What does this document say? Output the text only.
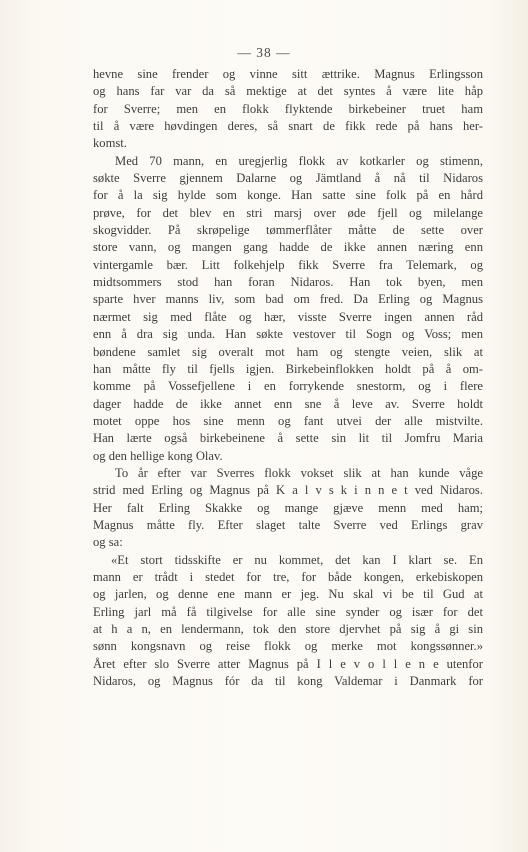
— 38 —
hevne sine frender og vinne sitt ættrike. Magnus Erlingsson
og hans far var da så mektige at det syntes å være lite håp
for Sverre; men en flokk flyktende birkebeiner truet ham
til å være høvdingen deres, så snart de fikk rede på hans her-
komst.
Med 70 mann, en uregjerlig flokk av kotkarler og stimenn,
søkte Sverre gjennem Dalarne og Jämtland å nå til Nidaros
for å la sig hylde som konge. Han satte sine folk på en hård
prøve, for det blev en stri marsj over øde fjell og milelange
skogvidder. På skrøpelige tømmerflåter måtte de sette over
store vann, og mangen gang hadde de ikke annen næring enn
vintergamle bær. Litt folkehjelp fikk Sverre fra Telemark, og
midtsommers stod han foran Nidaros. Han tok byen, men
sparte hver manns liv, som bad om fred. Da Erling og Magnus
nærmet sig med flåte og hær, visste Sverre ingen annen råd
enn å dra sig unda. Han søkte vestover til Sogn og Voss; men
bøndene samlet sig overalt mot ham og stengte veien, slik at
han måtte fly til fjells igjen. Birkebeinflokken holdt på å om-
komme på Vossefjellene i en forrykende snestorm, og i flere
dager hadde de ikke annet enn sne å leve av. Sverre holdt
motet oppe hos sine menn og fant utvei der alle mistvilte.
Han lærte også birkebeinene å sette sin lit til Jomfru Maria
og den hellige kong Olav.
To år efter var Sverres flokk vokset slik at han kunde våge
strid med Erling og Magnus på K a l v s k i n n e t ved Nidaros.
Her falt Erling Skakke og mange gjæve menn med ham;
Magnus måtte fly. Efter slaget talte Sverre ved Erlings grav
og sa:
«Et stort tidsskifte er nu kommet, det kan I klart se. En
mann er trådt i stedet for tre, for både kongen, erkebiskopen
og jarlen, og denne ene mann er jeg. Nu skal vi be til Gud at
Erling jarl må få tilgivelse for alle sine synder og især for det
at h a n, en lendermann, tok den store djervhet på sig å gi sin
sønn kongsnavn og reise flokk og merke mot kongssønner.»
Året efter slo Sverre atter Magnus på I l e v o l l e n e utenfor
Nidaros, og Magnus fór da til kong Valdemar i Danmark for
